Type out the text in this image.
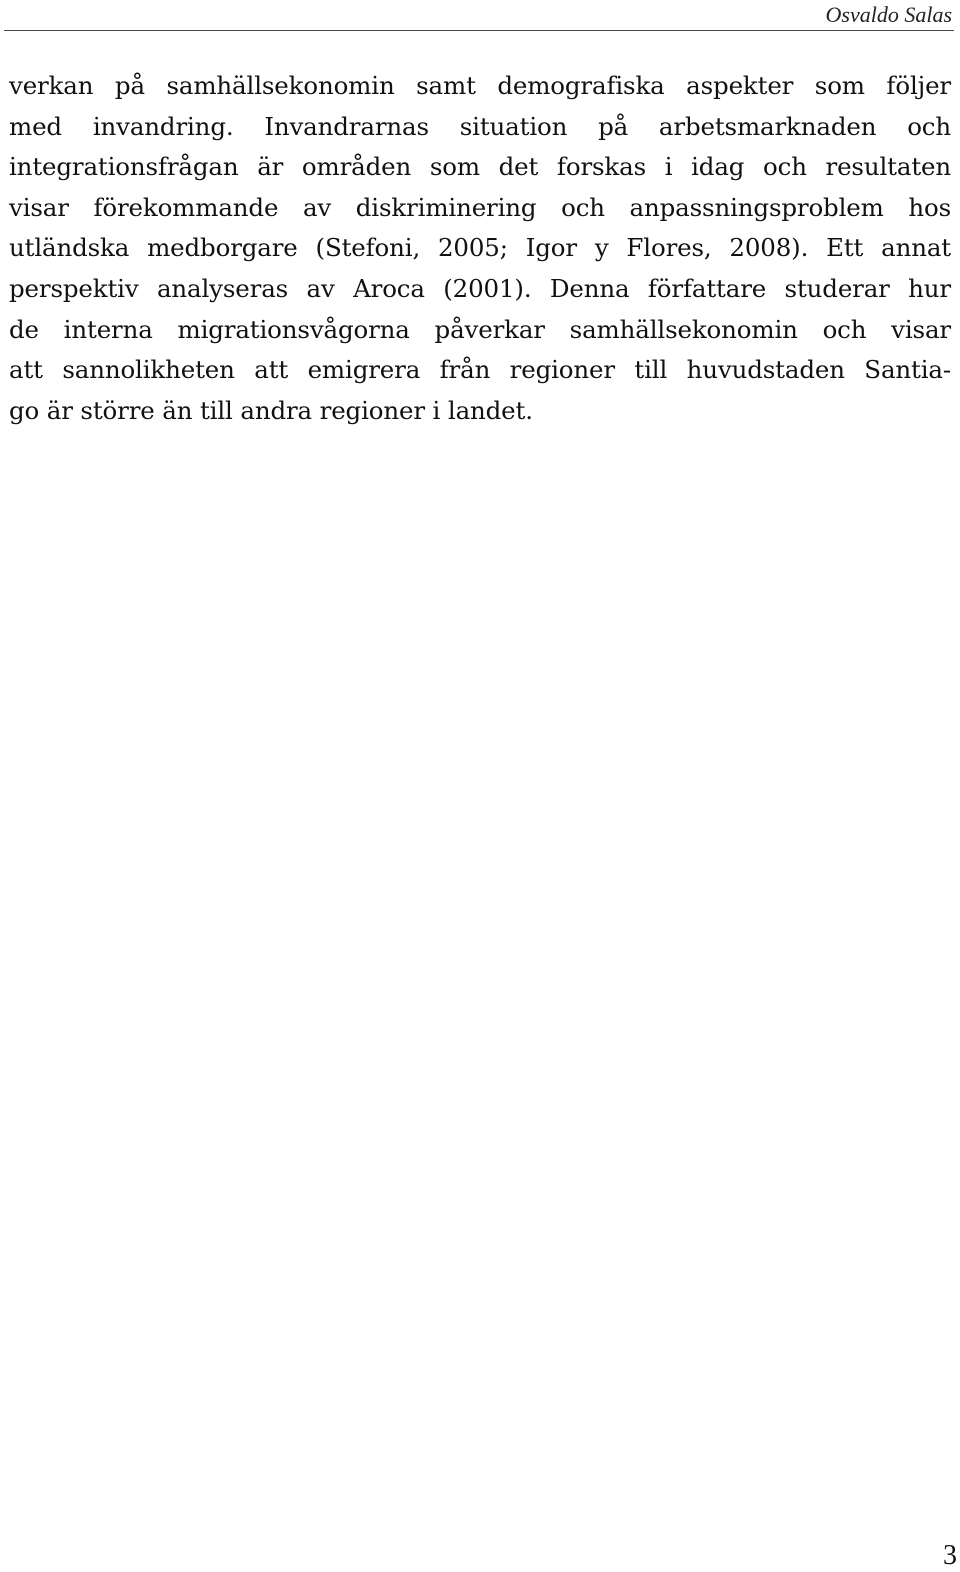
Osvaldo Salas
verkan på samhällsekonomin samt demografiska aspekter som följer
med invandring. Invandrarnas situation på arbetsmarknaden och
integrationsfrågan är områden som det forskas i idag och resultaten
visar förekommande av diskriminering och anpassningsproblem hos
utländska medborgare (Stefoni, 2005; Igor y Flores, 2008). Ett annat
perspektiv analyseras av Aroca (2001). Denna författare studerar hur
de interna migrationsvågorna påverkar samhällsekonomin och visar
att sannolikheten att emigrera från regioner till huvudstaden Santia-
go är större än till andra regioner i landet.
3
